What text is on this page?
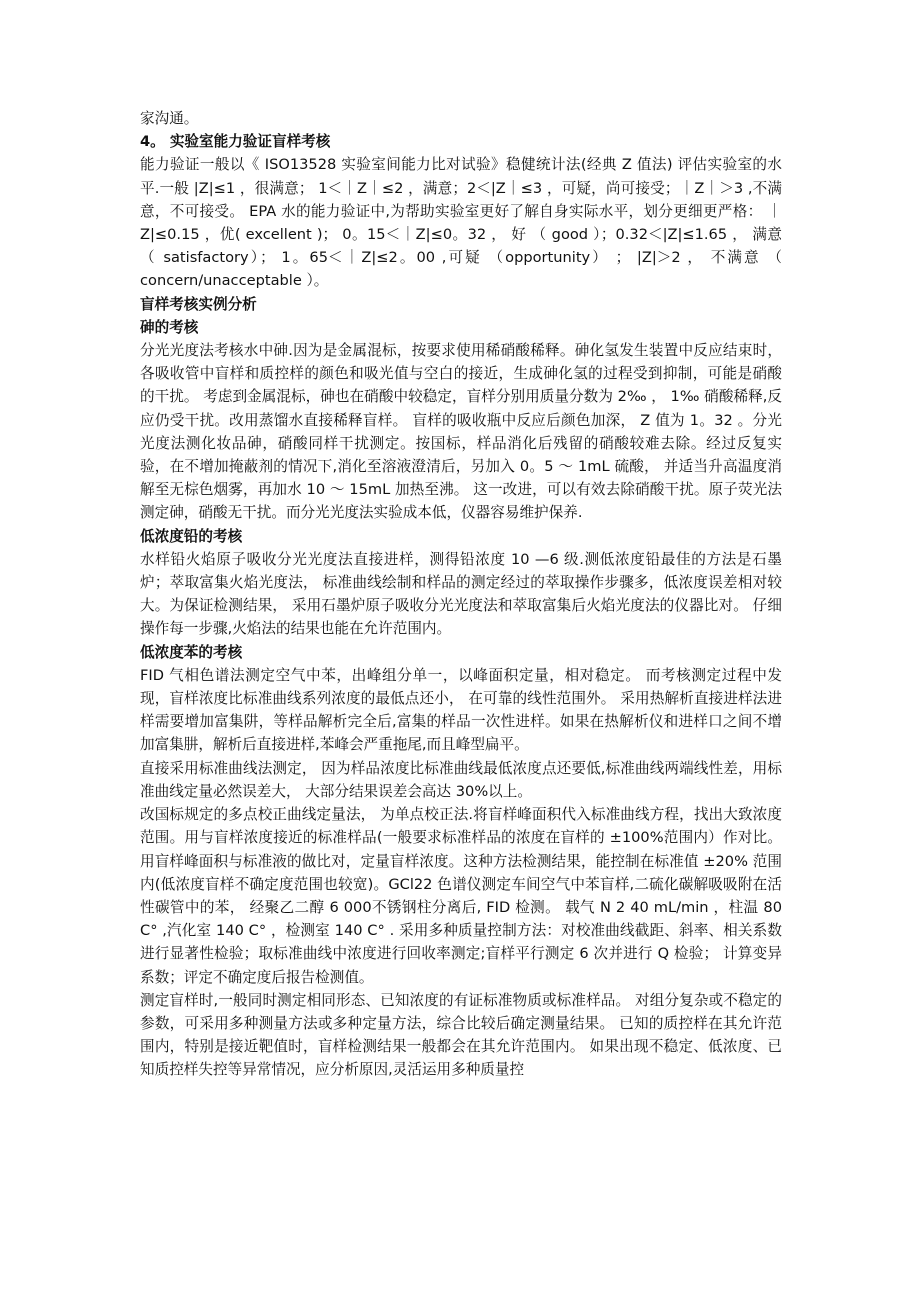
家沟通。

4。 实验室能力验证盲样考核

能力验证一般以《 ISO13528 实验室间能力比对试验》稳健统计法(经典 Z 值法) 评估实验室的水平.一般 |Z|≤1 ，很满意； 1＜｜Z｜≤2 ，满意；2＜|Z｜≤3 ，可疑，尚可接受；｜Z｜＞3 ,不满意，不可接受。 EPA 水的能力验证中,为帮助实验室更好了解自身实际水平，划分更细更严格： ｜Z|≤0.15 ，优( excellent )； 0。15＜｜Z|≤0。32 ， 好 （ good ）；0.32＜|Z|≤1.65 ， 满意 （ satisfactory）； 1。65＜｜Z|≤2。00 ,可疑 （opportunity） ； |Z|＞2 ， 不满意 （ concern/unacceptable ）。

盲样考核实例分析
砷的考核

分光光度法考核水中砷.因为是金属混标，按要求使用稀硝酸稀释。砷化氢发生装置中反应结束时，各吸收管中盲样和质控样的颜色和吸光值与空白的接近，生成砷化氢的过程受到抑制，可能是硝酸的干扰。 考虑到金属混标，砷也在硝酸中较稳定，盲样分别用质量分数为 2‰ ， 1‰ 硝酸稀释,反应仍受干扰。改用蒸馏水直接稀释盲样。 盲样的吸收瓶中反应后颜色加深， Z 值为 1。32 。分光光度法测化妆品砷，硝酸同样干扰测定。按国标，样品消化后残留的硝酸较难去除。经过反复实验，在不增加掩蔽剂的情况下,消化至溶液澄清后，另加入 0。5 ～ 1mL 硫酸， 并适当升高温度消解至无棕色烟雾，再加水 10 ～ 15mL 加热至沸。 这一改进，可以有效去除硝酸干扰。原子荧光法测定砷，硝酸无干扰。而分光光度法实验成本低，仪器容易维护保养.

低浓度铅的考核

水样铅火焰原子吸收分光光度法直接进样，测得铅浓度 10 —6 级.测低浓度铅最佳的方法是石墨炉；萃取富集火焰光度法， 标准曲线绘制和样品的测定经过的萃取操作步骤多，低浓度误差相对较大。为保证检测结果， 采用石墨炉原子吸收分光光度法和萃取富集后火焰光度法的仪器比对。 仔细操作每一步骤,火焰法的结果也能在允许范围内。

低浓度苯的考核

FID 气相色谱法测定空气中苯，出峰组分单一，以峰面积定量，相对稳定。 而考核测定过程中发现，盲样浓度比标准曲线系列浓度的最低点还小， 在可靠的线性范围外。 采用热解析直接进样法进样需要增加富集阱，等样品解析完全后,富集的样品一次性进样。如果在热解析仪和进样口之间不增加富集肼，解析后直接进样,苯峰会严重拖尾,而且峰型扁平。

直接采用标准曲线法测定， 因为样品浓度比标准曲线最低浓度点还要低,标准曲线两端线性差，用标准曲线定量必然误差大， 大部分结果误差会高达 30%以上。

改国标规定的多点校正曲线定量法， 为单点校正法.将盲样峰面积代入标准曲线方程，找出大致浓度范围。用与盲样浓度接近的标准样品(一般要求标准样品的浓度在盲样的 ±100%范围内）作对比。 用盲样峰面积与标准液的做比对，定量盲样浓度。这种方法检测结果，能控制在标准值 ±20% 范围内(低浓度盲样不确定度范围也较宽)。GCl22 色谱仪测定车间空气中苯盲样,二硫化碳解吸吸附在活性碳管中的苯， 经聚乙二醇 6 000不锈钢柱分离后, FID 检测。 载气 N 2 40 mL/min ，柱温 80 C° ,汽化室 140 C° ，检测室 140 C° . 采用多种质量控制方法：对校准曲线截距、斜率、相关系数进行显著性检验；取标准曲线中浓度进行回收率测定;盲样平行测定 6 次并进行 Q 检验； 计算变异系数；评定不确定度后报告检测值。

测定盲样时,一般同时测定相同形态、已知浓度的有证标准物质或标准样品。 对组分复杂或不稳定的参数，可采用多种测量方法或多种定量方法，综合比较后确定测量结果。 已知的质控样在其允许范围内，特别是接近靶值时，盲样检测结果一般都会在其允许范围内。 如果出现不稳定、低浓度、已知质控样失控等异常情况，应分析原因,灵活运用多种质量控
